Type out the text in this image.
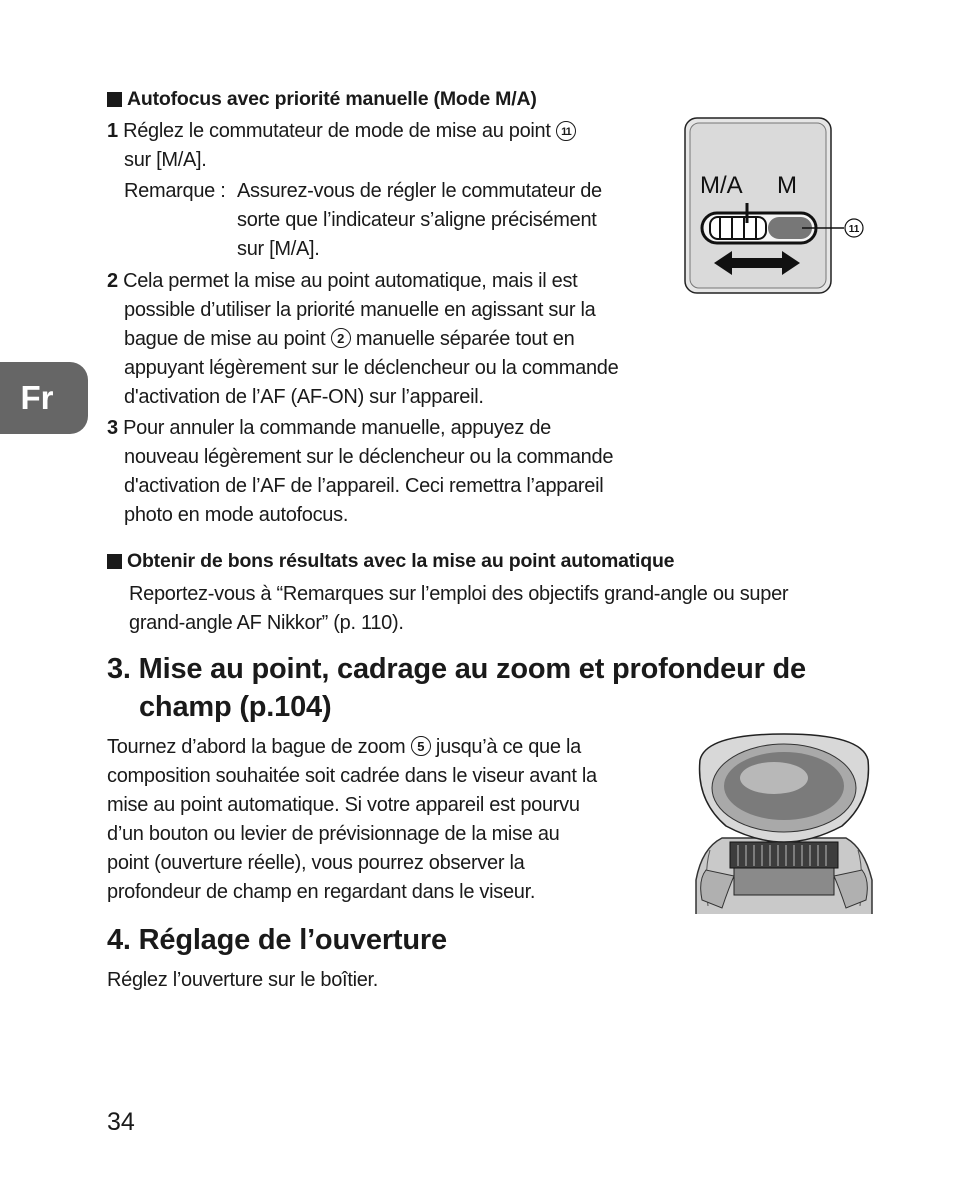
Fr
Autofocus avec priorité manuelle (Mode M/A)
1 Réglez le commutateur de mode de mise au point 11
sur [M/A].
Remarque : Assurez-vous de régler le commutateur de

sorte que l’indicateur s’aligne précisément

sur [M/A].

2 Cela permet la mise au point automatique, mais il est

possible d’utiliser la priorité manuelle en agissant sur la

bague de mise au point 2 manuelle séparée tout en

appuyant légèrement sur le déclencheur ou la commande

d'activation de l’AF (AF-ON) sur l’appareil.

3 Pour annuler la commande manuelle, appuyez de

nouveau légèrement sur le déclencheur ou la commande

d'activation de l’AF de l’appareil. Ceci remettra l’appareil

photo en mode autofocus.

M/A M
11
Obtenir de bons résultats avec la mise au point automatique

Reportez-vous à “Remarques sur l’emploi des objectifs grand-angle ou super

grand-angle AF Nikkor” (p. 110).

3. Mise au point, cadrage au zoom et profondeur de

champ (p.104)

Tournez d’abord la bague de zoom 5 jusqu’à ce que la

composition souhaitée soit cadrée dans le viseur avant la

mise au point automatique. Si votre appareil est pourvu

d’un bouton ou levier de prévisionnage de la mise au

point (ouverture réelle), vous pourrez observer la

profondeur de champ en regardant dans le viseur.

4. Réglage de l’ouverture
Réglez l’ouverture sur le boîtier.
34
